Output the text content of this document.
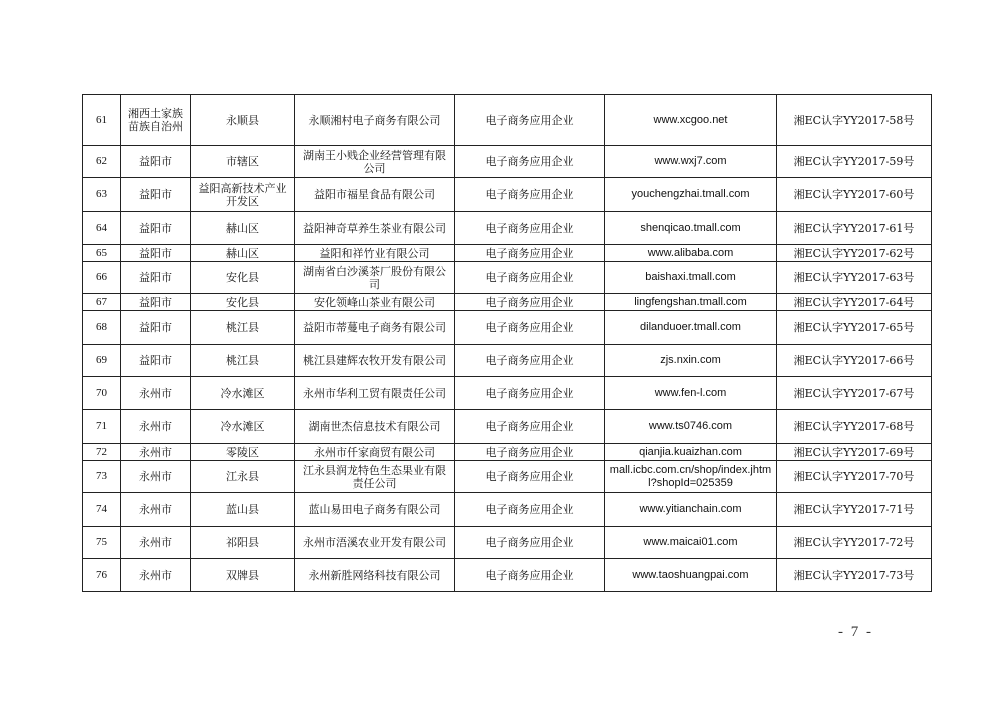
61	湘西土家族苗族自治州	永顺县	永顺湘村电子商务有限公司	电子商务应用企业	www.xcgoo.net	湘EC认字YY2017-58号
62	益阳市	市辖区	湖南王小贱企业经营管理有限公司	电子商务应用企业	www.wxj7.com	湘EC认字YY2017-59号
63	益阳市	益阳高新技术产业开发区	益阳市福星食品有限公司	电子商务应用企业	youchengzhai.tmall.com	湘EC认字YY2017-60号
64	益阳市	赫山区	益阳神奇草养生茶业有限公司	电子商务应用企业	shenqicao.tmall.com	湘EC认字YY2017-61号
65	益阳市	赫山区	益阳和祥竹业有限公司	电子商务应用企业	www.alibaba.com	湘EC认字YY2017-62号
66	益阳市	安化县	湖南省白沙溪茶厂股份有限公司	电子商务应用企业	baishaxi.tmall.com	湘EC认字YY2017-63号
67	益阳市	安化县	安化领峰山茶业有限公司	电子商务应用企业	lingfengshan.tmall.com	湘EC认字YY2017-64号
68	益阳市	桃江县	益阳市蒂蔓电子商务有限公司	电子商务应用企业	dilanduoer.tmall.com	湘EC认字YY2017-65号
69	益阳市	桃江县	桃江县建辉农牧开发有限公司	电子商务应用企业	zjs.nxin.com	湘EC认字YY2017-66号
70	永州市	冷水滩区	永州市华利工贸有限责任公司	电子商务应用企业	www.fen-l.com	湘EC认字YY2017-67号
71	永州市	冷水滩区	湖南世杰信息技术有限公司	电子商务应用企业	www.ts0746.com	湘EC认字YY2017-68号
72	永州市	零陵区	永州市仟家商贸有限公司	电子商务应用企业	qianjia.kuaizhan.com	湘EC认字YY2017-69号
73	永州市	江永县	江永县润龙特色生态果业有限责任公司	电子商务应用企业	mall.icbc.com.cn/shop/index.jhtml?shopId=025359	湘EC认字YY2017-70号
74	永州市	蓝山县	蓝山易田电子商务有限公司	电子商务应用企业	www.yitianchain.com	湘EC认字YY2017-71号
75	永州市	祁阳县	永州市浯溪农业开发有限公司	电子商务应用企业	www.maicai01.com	湘EC认字YY2017-72号
76	永州市	双牌县	永州新胜网络科技有限公司	电子商务应用企业	www.taoshuangpai.com	湘EC认字YY2017-73号
- 7 -
